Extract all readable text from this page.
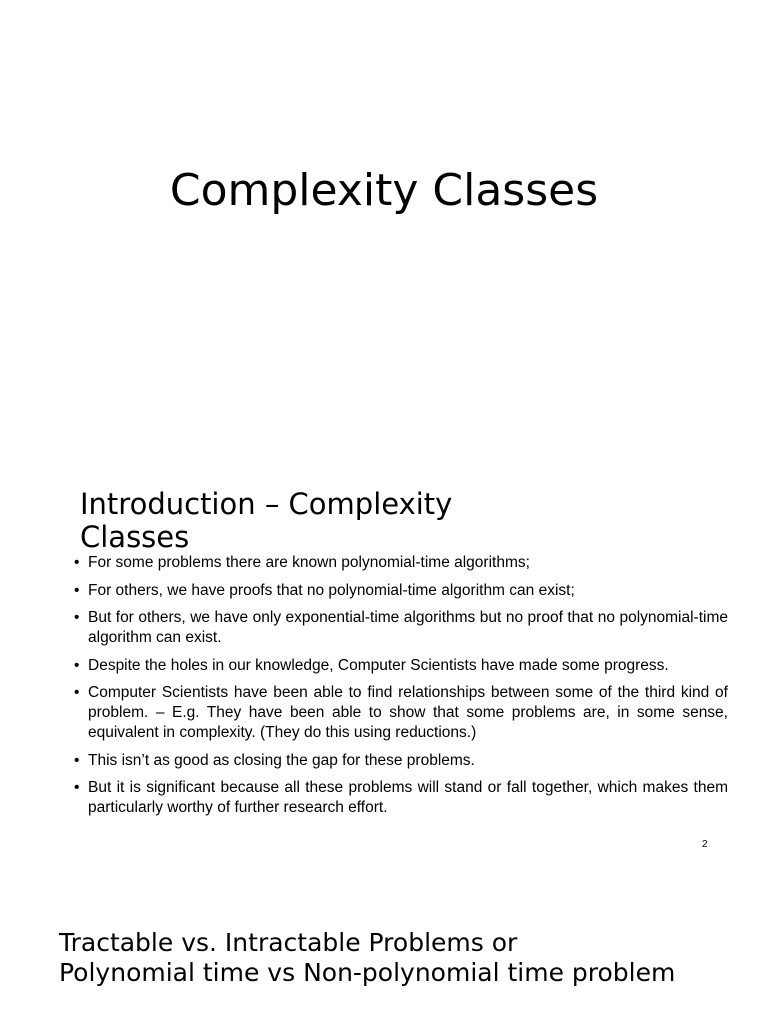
Complexity Classes
Introduction – Complexity Classes
• For some problems there are known polynomial-time algorithms;
• For others, we have proofs that no polynomial-time algorithm can exist;
• But for others, we have only exponential-time algorithms but no proof that no polynomial-time algorithm can exist.
• Despite the holes in our knowledge, Computer Scientists have made some progress.
• Computer Scientists have been able to find relationships between some of the third kind of problem. – E.g. They have been able to show that some problems are, in some sense, equivalent in complexity. (They do this using reductions.)
• This isn’t as good as closing the gap for these problems.
• But it is significant because all these problems will stand or fall together, which makes them particularly worthy of further research effort.
2
Tractable vs. Intractable Problems or
Polynomial time vs Non-polynomial time problem
